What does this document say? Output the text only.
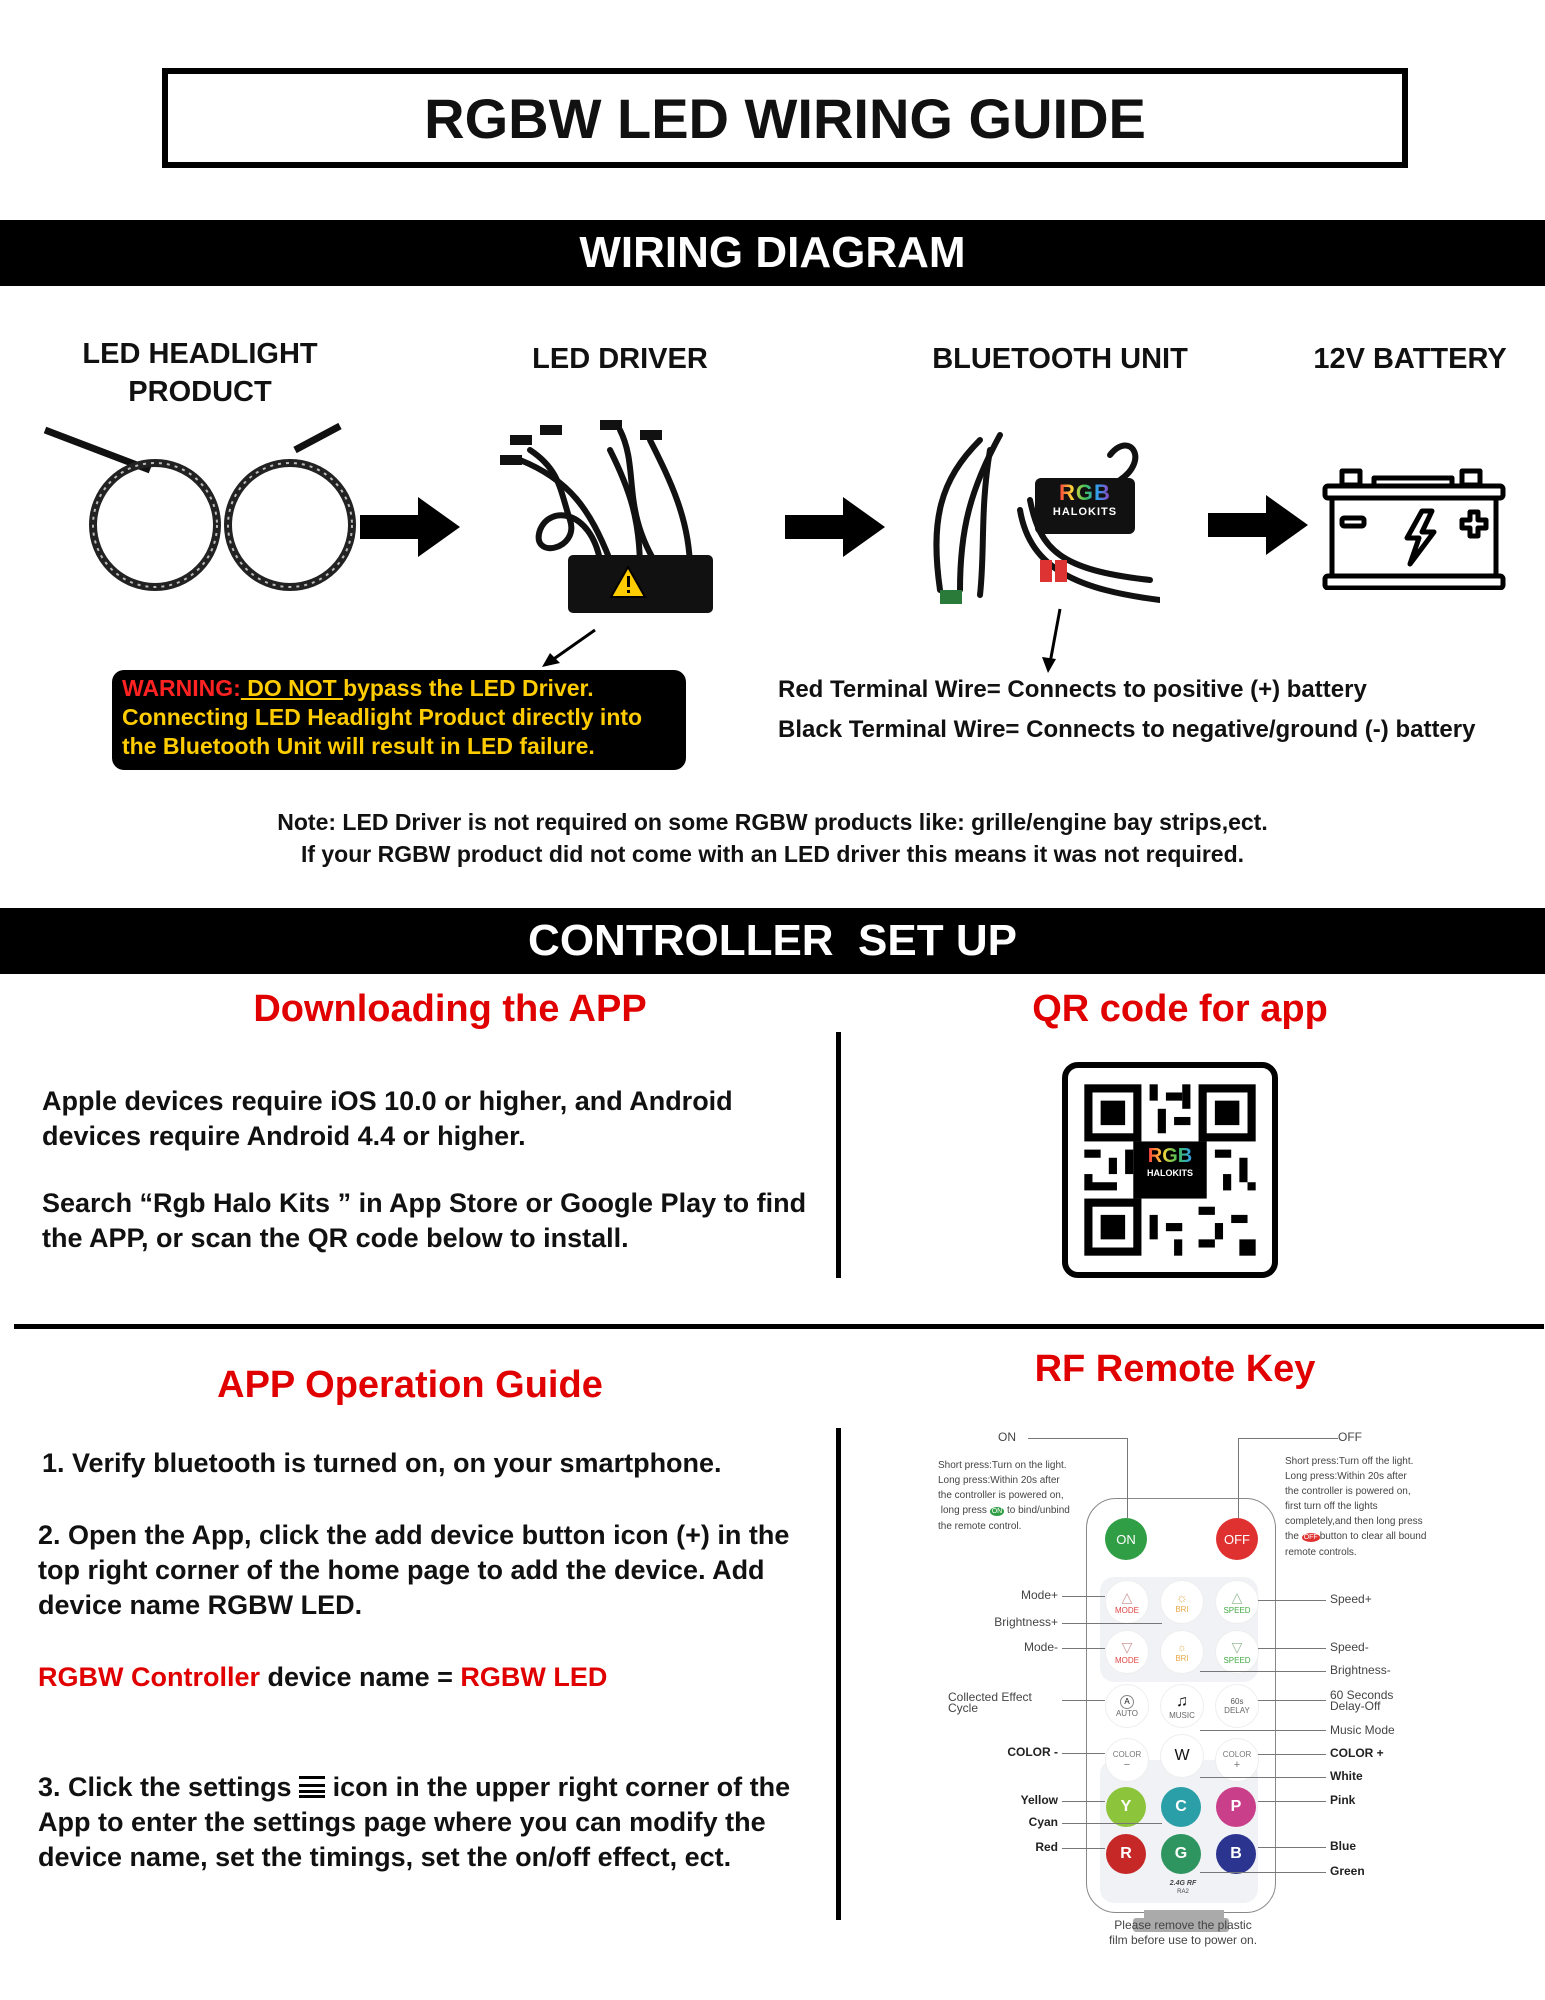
RGBW LED WIRING GUIDE
WIRING DIAGRAM
LED HEADLIGHT PRODUCT
LED DRIVER	BLUETOOTH UNIT	12V BATTERY
RGB
HALOKITS
WARNING: DO NOT bypass the LED Driver.
Connecting LED Headlight Product directly into
the Bluetooth Unit will result in LED failure.
Red Terminal Wire= Connects to positive (+) battery
Black Terminal Wire= Connects to negative/ground (-) battery
Note: LED Driver is not required on some RGBW products like: grille/engine bay strips,ect.
If your RGBW product did not come with an LED driver this means it was not required.
CONTROLLER  SET UP
Downloading the APP
Apple devices require iOS 10.0 or higher, and Android devices require Android 4.4 or higher.
Search “Rgb Halo Kits ” in App Store or Google Play to find the APP, or scan the QR code below to install.
QR code for app
RGB
HALOKITS
APP Operation Guide
1. Verify bluetooth is turned on, on your smartphone.
2. Open the App, click the add device button icon (+) in the top right corner of the home page to add the device. Add device name RGBW LED.
RGBW Controller device name = RGBW LED
3. Click the settings  icon in the upper right corner of the App to enter the settings page where you can modify the device name, set the timings, set the on/off effect, ect.
RF Remote Key
ON
Short press:Turn on the light.
Long press:Within 20s after
the controller is powered on,
long press ON to bind/unbind
the remote control.
OFF
Short press:Turn off the light.
Long press:Within 20s after
the controller is powered on,
first turn off the lights
completely,and then long press
the OFF button to clear all bound
remote controls.
ON	OFF
△
MODE
☼
BRI
△
SPEED
▽
MODE
☼
BRI
▽
SPEED
A
AUTO
♫
MUSIC
60s
DELAY
COLOR
−
W	COLOR
+
Y	C	P
R	G	B
2.4G RF
RA2
Mode+
Brightness+
Mode-
Collected Effect
Cycle
COLOR -
Yellow
Cyan
Red
Speed+
Speed-
Brightness-
60 Seconds
Delay-Off
Music Mode
COLOR +
White
Pink
Blue
Green
Please remove the plastic
film before use to power on.
